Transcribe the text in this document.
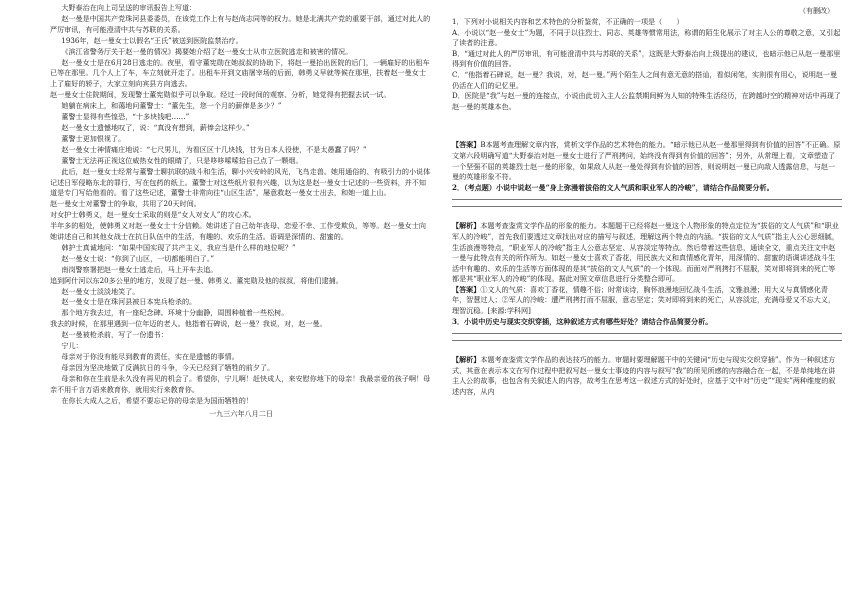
大野泰治在向上司呈送的审讯报告上写道：

赵一曼是中国共产党珠河县委委员，在该党工作上有与赵尚志同等的权力。她是北满共产党的重要干部，通过对此人的严厉审讯，有可能澄清中共与苏联的关系。

1936年，赵一曼女士以假名“王氏”被送到医院监禁治疗。

《滨江省警务厅关于赵一曼的情况》揭要她介绍了赵一曼女士从市立医院逃走和被害的情况。

赵一曼女士是在6月28日逃走的。夜里，看守董宪勋在她叔叔的协助下，将赵一曼抬出医院的后门，一辆雇好的出租车已等在那里。几个人上了车，车立刻就开走了。出租车开到文庙屠宰场的后面，韩勇义早就等候在那里，扶着赵一曼女士上了雇好的轿子，大家立刻向宾县方向逃去。

赵一曼女士住院期间，发现警士董宪勋似乎可以争取。经过一段时间的观察、分析，她觉得有把握去试一试。

她躺在病床上，和蔼地问董警士：“董先生，您一个月的薪俸是多少？”

董警士显得有些惶恐，“十多块钱吧……”

赵一曼女士遗憾地叹了，说：“真没有想到，薪俸会这样少。”

董警士更加恨视了。

赵一曼女士神情痛庄地说：“七尺男儿，为看区区十几块钱，甘为日本人役使，不是太愚蠢了吗？”

董警士无法再正视这位威热女性的眼睛了，只是哆哆嗦嗦拾自己点了一颗烟。

此后，赵一曼女士经常与董警士聊抗联的战斗和生活，聊小兴安岭的风光，飞鸟走兽。她用通俗的、有吸引力的小说体记述日军侵略东北的罪行，写在包药的纸上。董警士对这些纸片很有兴趣，以为这是赵一曼女士记述的一些资料，并不知道是专门写给他看的。看了这些记述，董警士非常向往“山区生活”，屡意救赵一曼女士出去，和她一道上山。

赵一曼女士对董警士的争取，共用了20天时间。

对女护士韩勇义，赵一曼女士采取的则是“女人对女人”的攻心术。

半年多的相处，使韩勇义对赵一曼女士十分信赖。她讲述了自己幼年丧母、恋爱不幸、工作受欺负，等等。赵一曼女士向她讲述自己和其他女战士在抗日队伍中的生活，有趣的、欢乐的生活。语调是深情的、甜蜜的。

韩护士真诚地问：“如果中国实现了共产主义，我应当是什么样的地位呢？”

赵一曼女士说：“你到了山区，一切都能明白了。”

南岗警察署把赵一曼女士逃走后，马上开车去追。

追到阿什河以东20多公里的地方，发现了赵一曼、韩勇义、董宪勋及他的叔叔，将他们逮捕。

赵一曼女士淡淡地笑了。

赵一曼女士是在珠河县被日本宪兵枪杀的。

那个地方我去过，有一座纪念碑。环境十分幽静，周围种植着一些松树。

我去的时候，在那里遇到一位年迈的老人。他指着石碑说，赵一曼？我说，对，赵一曼。

赵一曼被枪杀前，写了一份遗书：

宁儿：

母亲对于你没有能尽到教育的责任，实在是遗憾的事情。

母亲因为坚决地做了反满抗日的斗争，今天已经到了牺牲的前夕了。

母亲和你在生前是永久没有再见的机会了。希望你，宁儿啊！赶快成人，来安慰你地下的母亲！我最亲爱的孩子啊！母亲不用千言万语来教育你，就用实行来教育你。

在你长大成人之后，希望不要忘记你的母亲是为国而牺牲的！

一九三六年八月二日
（有删改）

1．下列对小说相关内容和艺术特色的分析鉴赏，不正确的一项是（　　）

A．小说以“赵一曼女士”为题，不同于以往烈士、同志、英雄等惯常用法，称谓的陌生化展示了对主人公的尊敬之意，又引起了读者的注意。

B．“通过对此人的严厉审讯，有可能澄清中共与苏联的关系”，这既是大野泰治向上级提出的建议，也暗示他已从赵一曼那里得到有价值的回答。

C．“他指着石碑说，赵一曼？我说，对，赵一曼。”两个陌生人之间有意无意的搭讪，看似闲笔，实则很有用心，说明赵一曼仍活在人们的记忆里。

D．医院是“我”与赵一曼的连接点，小说由此切入主人公监禁期间鲜为人知的特殊生活经历，在跨越时空的精神对话中再现了赵一曼的英雄本色。

【答案】B本题考查理解文章内容，赏析文学作品的艺术特色的能力。“暗示他已从赵一曼那里得到有价值的回答”不正确。原文第六段明确写道“大野泰治对赵一曼女士进行了严刑拷问，始终没有得到有价值的回答”；另外，从常理上看，文章塑造了一个坚强不屈的英雄烈士赵一曼的形象，如果敌人从赵一曼处得到有价值的回答，则说明赵一曼已向敌人透露信息，与赵一曼的英雄形象不符。

2．（考点题）小说中说赵一曼“身上弥漫着拔俗的文人气质和职业军人的冷峻”，请结合作品简要分析。

【解析】本题考查鉴赏文学作品的形象的能力。本题题干已经将赵一曼这个人物形象的特点定位为“拔俗的文人气质”和“职业军人的冷峻”，首先我们要透过文章找出对应的描写与叙述，理解这两个特点的内涵。“拔俗的文人气质”指主人公心思细腻，生活浪漫等特点，“职业军人的冷峻”指主人公意志坚定、从容淡定等特点。然后带着这些信息，通读全文，重点关注文中赵一曼与此特点有关的所作所为。如赵一曼女士喜欢了香花，用民族大义和真情感化青年，用深情的、甜蜜的语调讲述战斗生活中有趣的、欢乐的生活等方面体现的是其“拔俗的文人气质”的一个体现。而面对严刑拷打不屈服，笑对即将到来的死亡等都是其“职业军人的冷峻”的体现。据此对照文章信息进行分类整合即可。

【答案】①文人的气质：喜欢丁香花，情趣不俗；时常谈诗，胸怀浪漫地回忆战斗生活，文雅浪漫；用大义与真情感化青年，智慧过人；②军人的冷峻：遭严刑拷打而不屈服，意志坚定；笑对即将到来的死亡，从容淡定，充满母爱又不忘大义，理智沉稳。[来源:学科网]

3．小说中历史与现实交织穿插，这种叙述方式有哪些好处？请结合作品简要分析。

【解析】本题考查鉴赏文学作品的表达技巧的能力。审题时要理解题干中的关键词“历史与现实交织穿插”。作为一种叙述方式，其意在表示本文在写作过程中把叙写赵一曼女士事迹的内容与叙写“我”的所见所感的内容融合在一起，不是单纯地在讲主人公的故事，也包含有关叙述人的内容，故考生在思考这一叙述方式的好处时，应基于文中对“历史”“现实”两种维度的叙述内容，从内
